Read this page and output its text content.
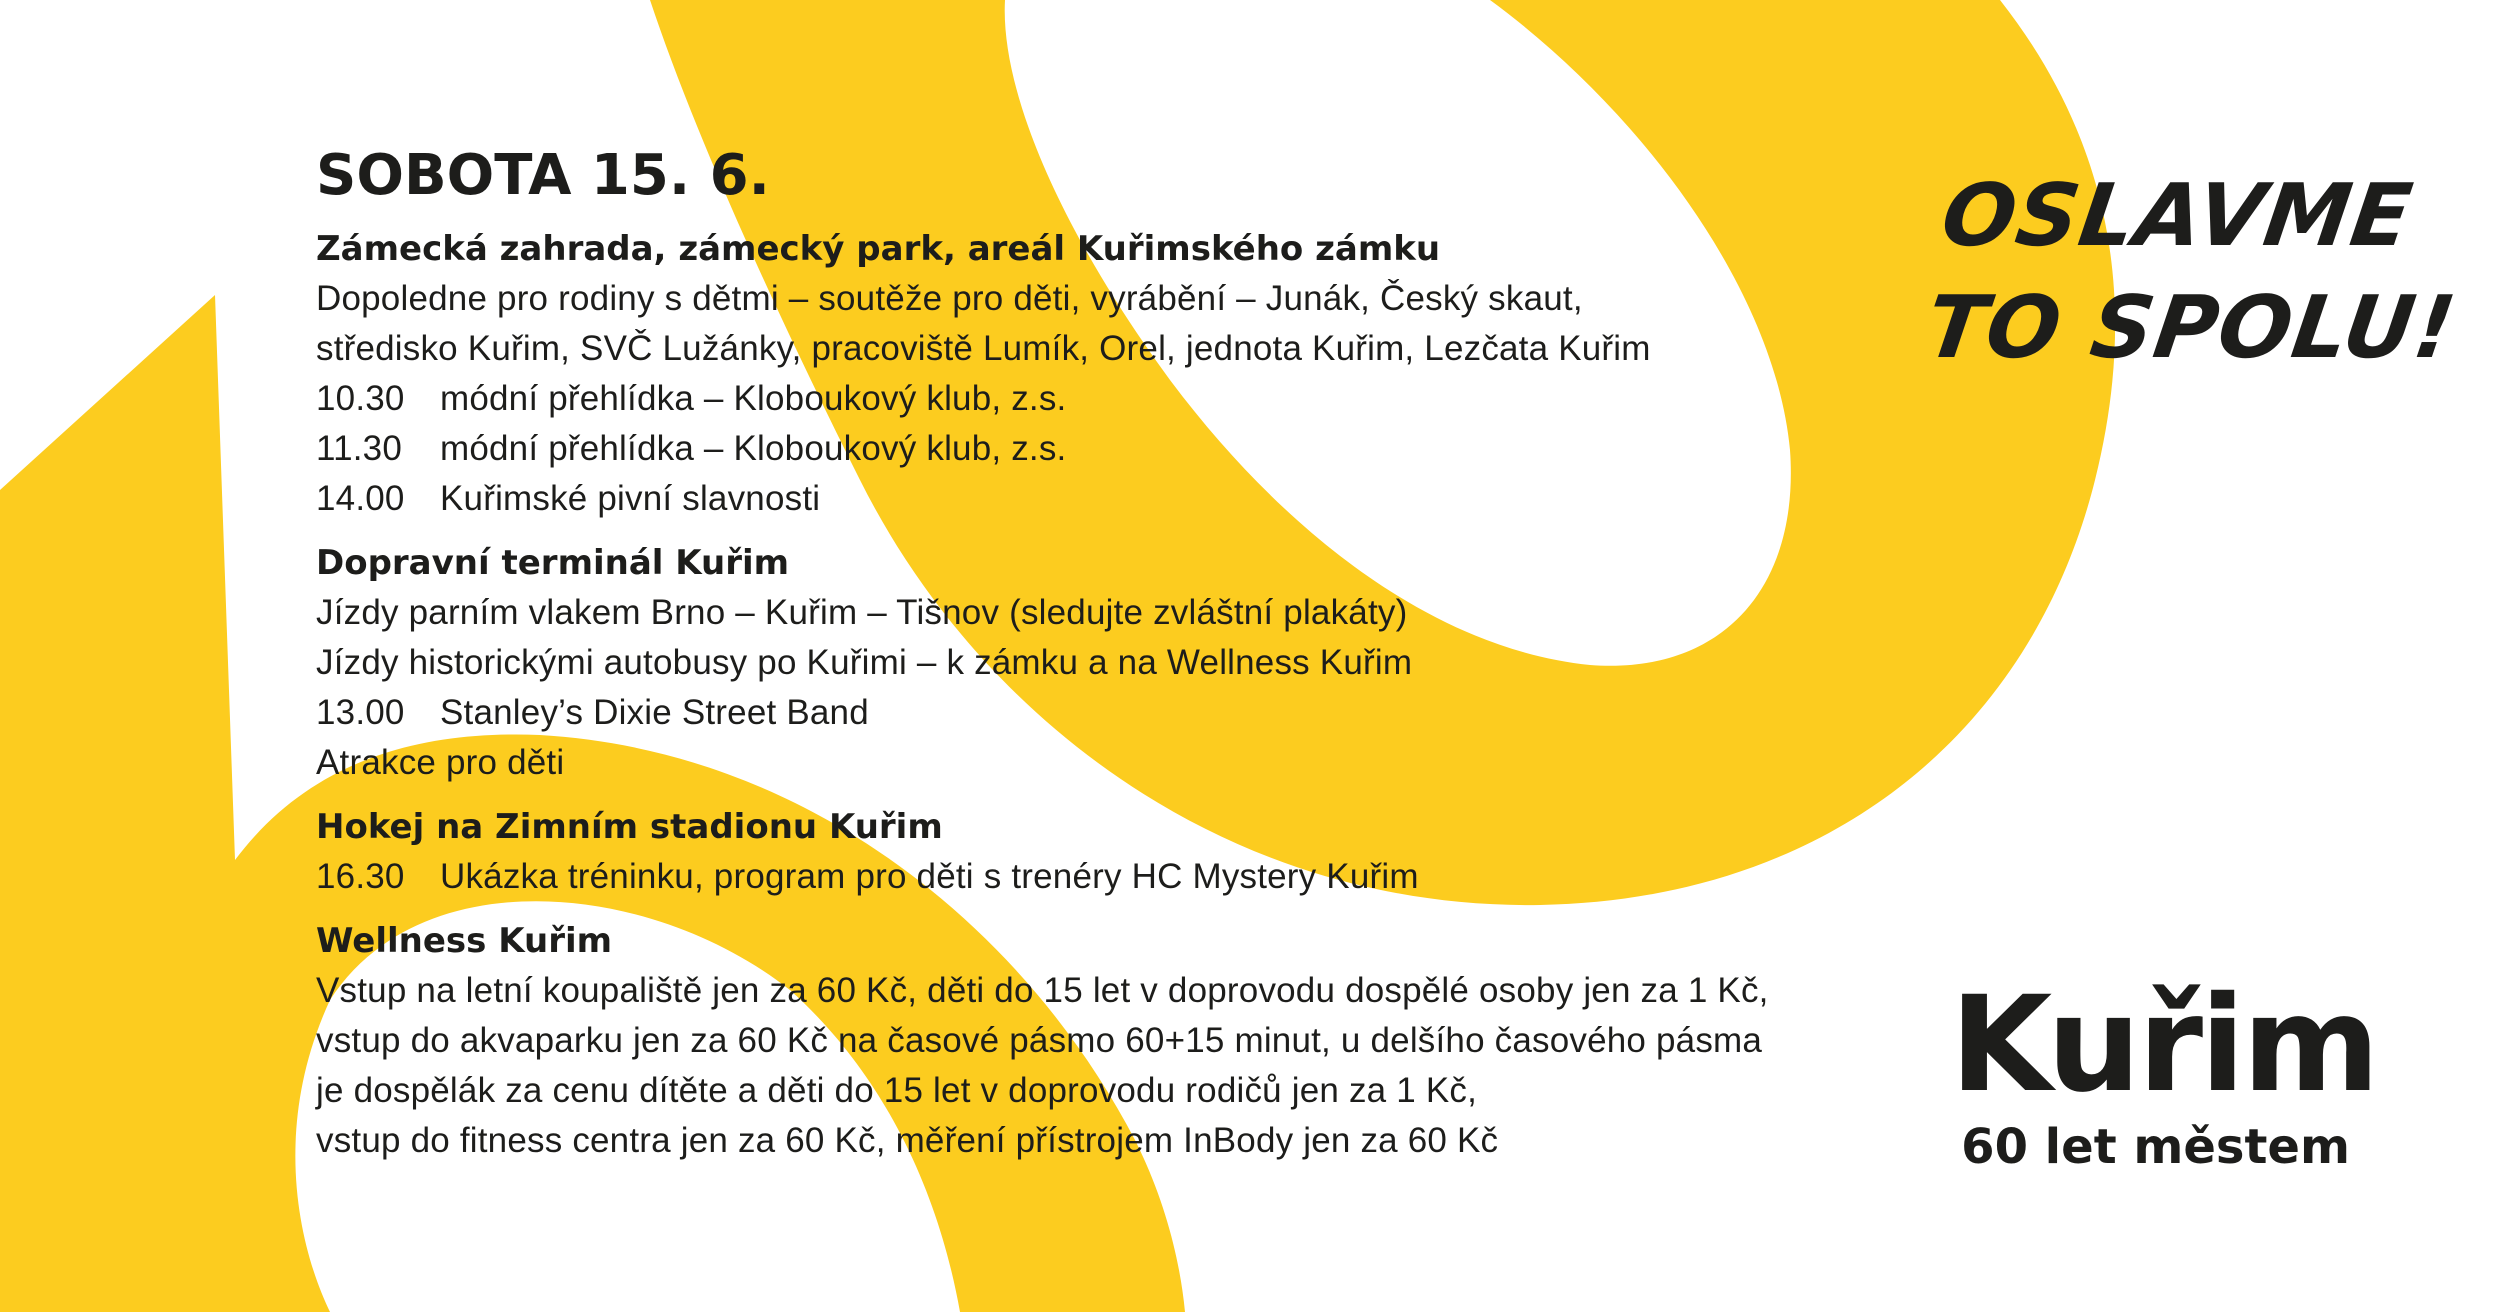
SOBOTA 15. 6.
Zámecká zahrada, zámecký park, areál Kuřimského zámku
Dopoledne pro rodiny s dětmi – soutěže pro děti, vyrábění – Junák, Český skaut,
středisko Kuřim, SVČ Lužánky, pracoviště Lumík, Orel, jednota Kuřim, Lezčata Kuřim
10.30 módní přehlídka – Kloboukový klub, z.s.
11.30 módní přehlídka – Kloboukový klub, z.s.
14.00 Kuřimské pivní slavnosti
Dopravní terminál Kuřim
Jízdy parním vlakem Brno – Kuřim – Tišnov (sledujte zvláštní plakáty)
Jízdy historickými autobusy po Kuřimi – k zámku a na Wellness Kuřim
13.00 Stanley’s Dixie Street Band
Atrakce pro děti
Hokej na Zimním stadionu Kuřim
16.30 Ukázka tréninku, program pro děti s trenéry HC Mystery Kuřim
Wellness Kuřim
Vstup na letní koupaliště jen za 60 Kč, děti do 15 let v doprovodu dospělé osoby jen za 1 Kč,
vstup do akvaparku jen za 60 Kč na časové pásmo 60+15 minut, u delšího časového pásma
je dospělák za cenu dítěte a děti do 15 let v doprovodu rodičů jen za 1 Kč,
vstup do fitness centra jen za 60 Kč, měření přístrojem InBody jen za 60 Kč
OSLAVME
TO SPOLU!
Kuřim
60 let městem
